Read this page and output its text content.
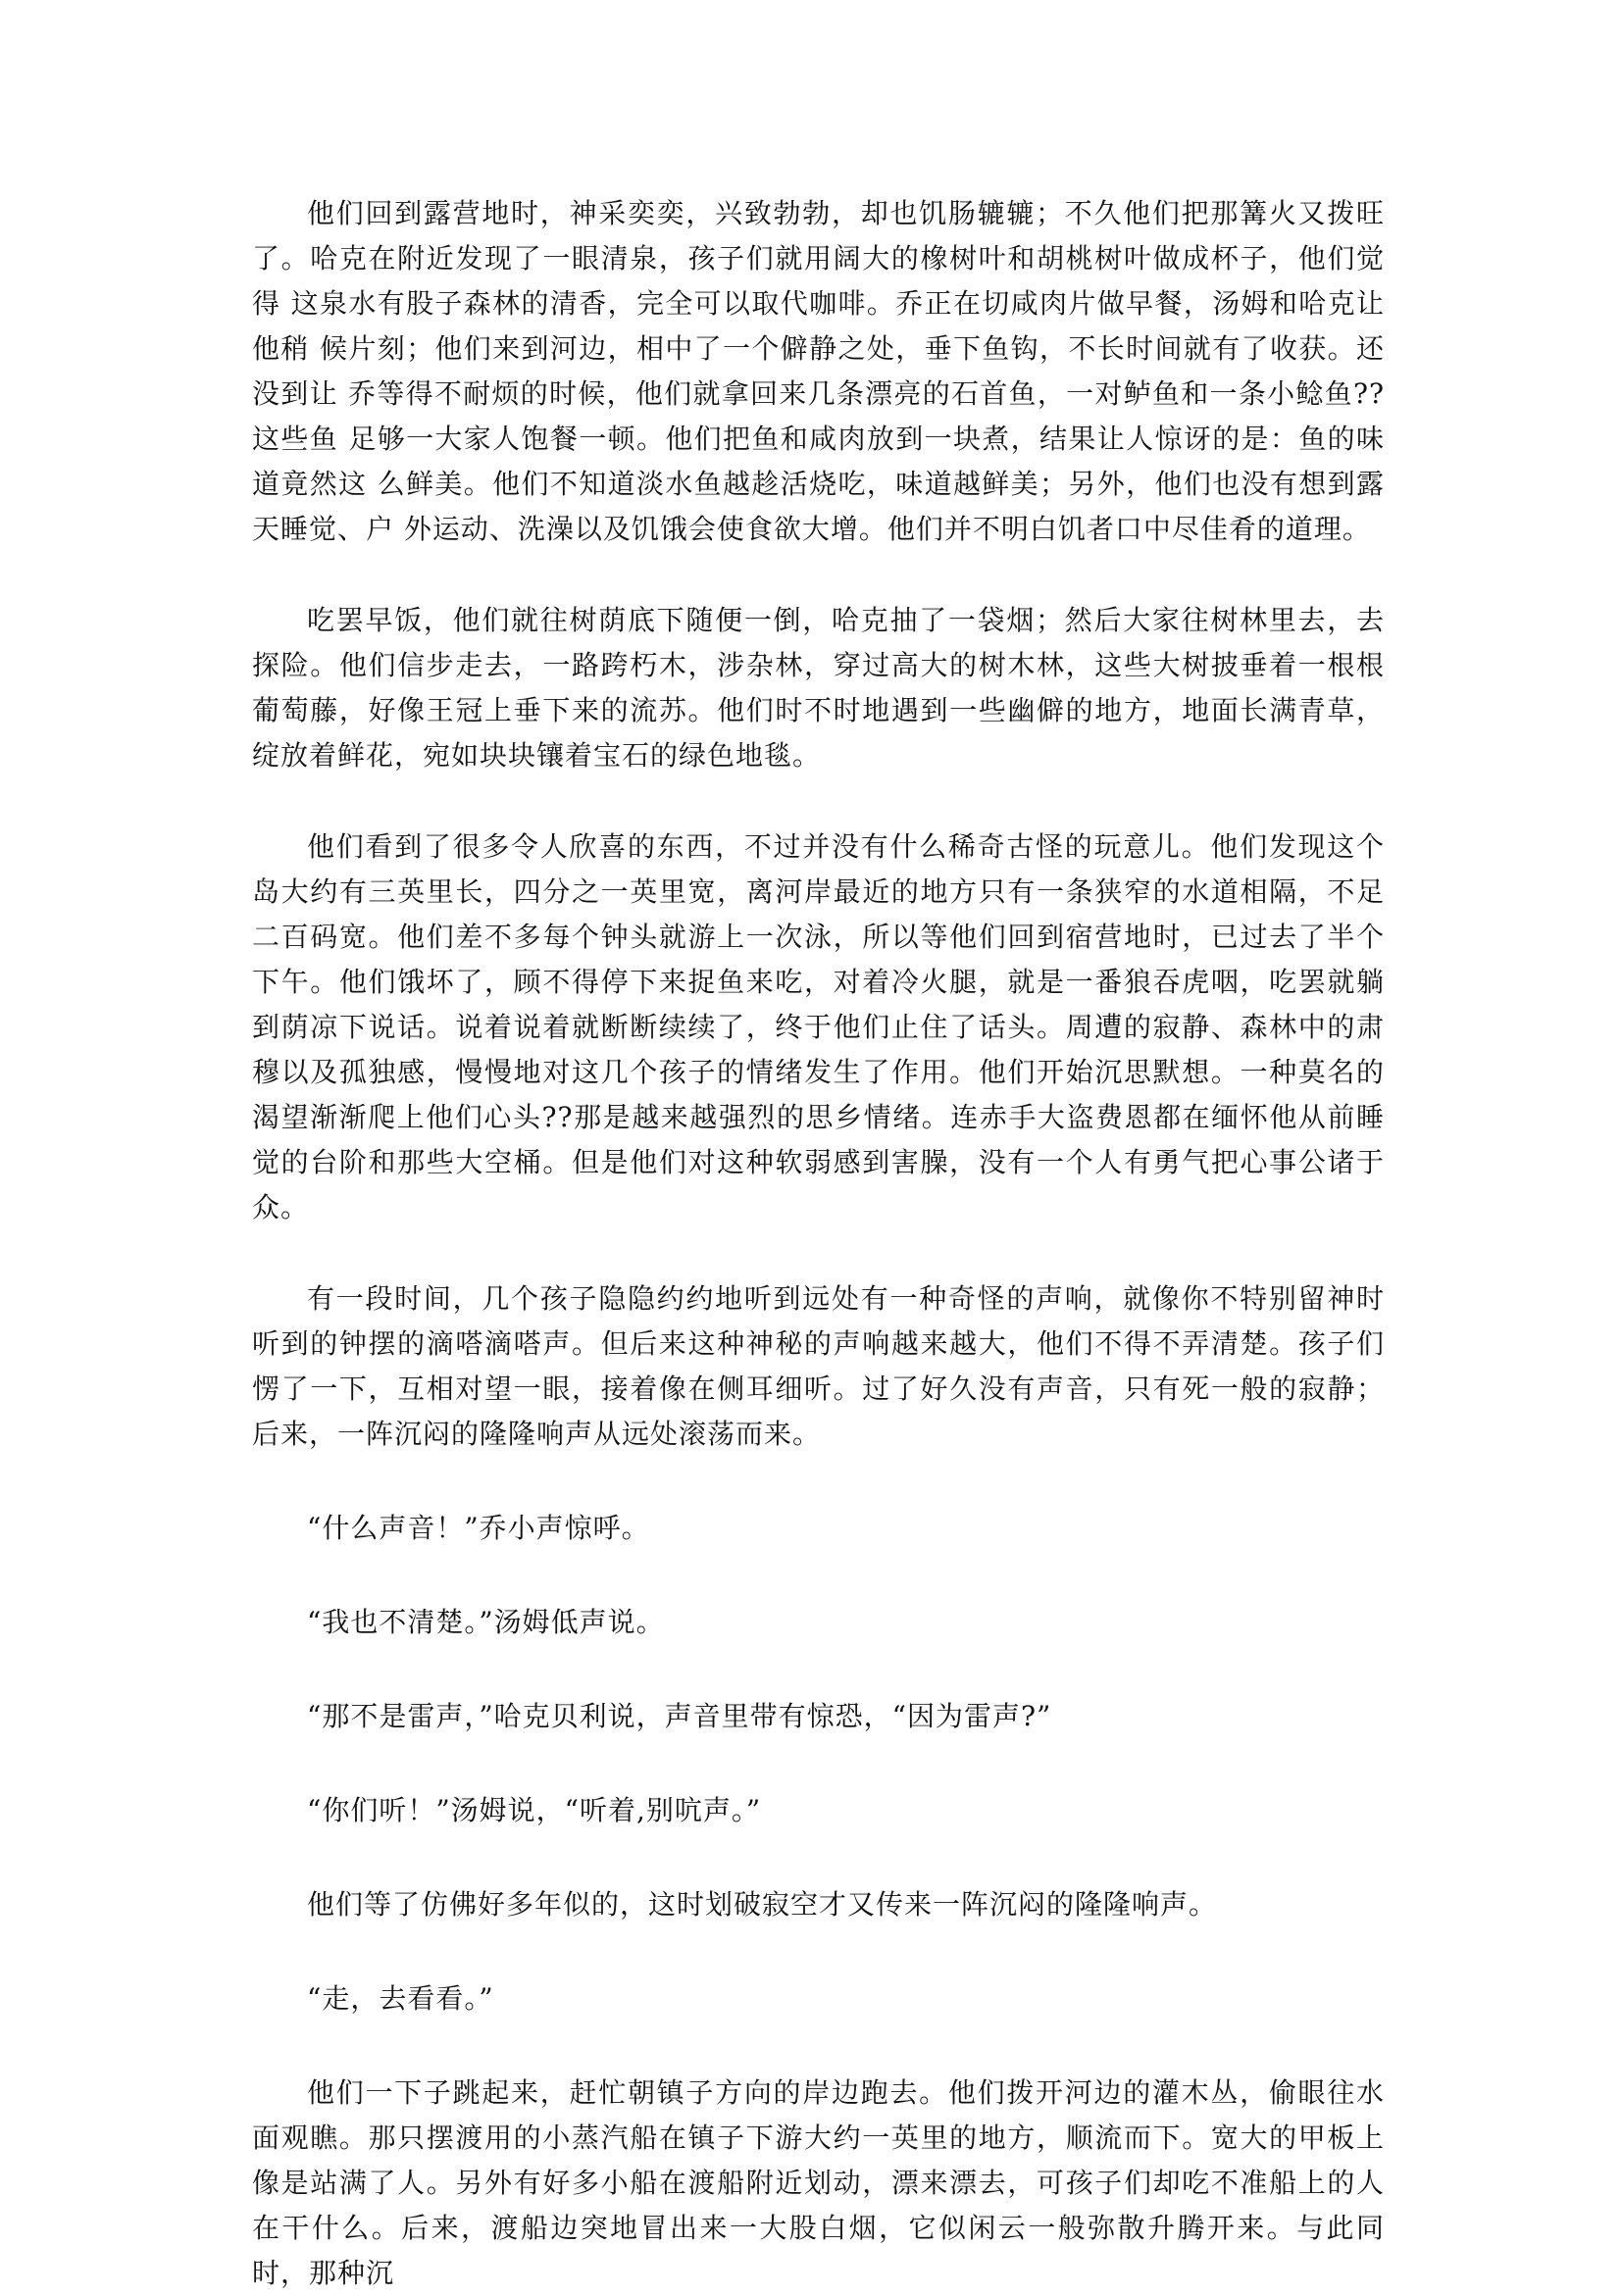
他们回到露营地时，神采奕奕，兴致勃勃，却也饥肠辘辘；不久他们把那篝火又拨旺 了。哈克在附近发现了一眼清泉，孩子们就用阔大的橡树叶和胡桃树叶做成杯子，他们觉得 这泉水有股子森林的清香，完全可以取代咖啡。乔正在切咸肉片做早餐，汤姆和哈克让他稍 候片刻；他们来到河边，相中了一个僻静之处，垂下鱼钩，不长时间就有了收获。还没到让 乔等得不耐烦的时候，他们就拿回来几条漂亮的石首鱼，一对鲈鱼和一条小鲶鱼??这些鱼 足够一大家人饱餐一顿。他们把鱼和咸肉放到一块煮，结果让人惊讶的是：鱼的味道竟然这 么鲜美。他们不知道淡水鱼越趁活烧吃，味道越鲜美；另外，他们也没有想到露天睡觉、户 外运动、洗澡以及饥饿会使食欲大增。他们并不明白饥者口中尽佳肴的道理。

吃罢早饭，他们就往树荫底下随便一倒，哈克抽了一袋烟；然后大家往树林里去，去探险。他们信步走去，一路跨朽木，涉杂林，穿过高大的树木林，这些大树披垂着一根根葡萄藤，好像王冠上垂下来的流苏。他们时不时地遇到一些幽僻的地方，地面长满青草，绽放着鲜花，宛如块块镶着宝石的绿色地毯。

他们看到了很多令人欣喜的东西，不过并没有什么稀奇古怪的玩意儿。他们发现这个岛大约有三英里长，四分之一英里宽，离河岸最近的地方只有一条狭窄的水道相隔，不足二百码宽。他们差不多每个钟头就游上一次泳，所以等他们回到宿营地时，已过去了半个下午。他们饿坏了，顾不得停下来捉鱼来吃，对着冷火腿，就是一番狼吞虎咽，吃罢就躺到荫凉下说话。说着说着就断断续续了，终于他们止住了话头。周遭的寂静、森林中的肃穆以及孤独感，慢慢地对这几个孩子的情绪发生了作用。他们开始沉思默想。一种莫名的渴望渐渐爬上他们心头??那是越来越强烈的思乡情绪。连赤手大盗费恩都在缅怀他从前睡觉的台阶和那些大空桶。但是他们对这种软弱感到害臊，没有一个人有勇气把心事公诸于众。

有一段时间，几个孩子隐隐约约地听到远处有一种奇怪的声响，就像你不特别留神时听到的钟摆的滴嗒滴嗒声。但后来这种神秘的声响越来越大，他们不得不弄清楚。孩子们愣了一下，互相对望一眼，接着像在侧耳细听。过了好久没有声音，只有死一般的寂静；后来，一阵沉闷的隆隆响声从远处滚荡而来。

“什么声音！”乔小声惊呼。

“我也不清楚。”汤姆低声说。

“那不是雷声，”哈克贝利说，声音里带有惊恐，“因为雷声?”

“你们听！”汤姆说，“听着,别吭声。”

他们等了仿佛好多年似的，这时划破寂空才又传来一阵沉闷的隆隆响声。

“走，去看看。”

他们一下子跳起来，赶忙朝镇子方向的岸边跑去。他们拨开河边的灌木丛，偷眼往水面观瞧。那只摆渡用的小蒸汽船在镇子下游大约一英里的地方，顺流而下。宽大的甲板上像是站满了人。另外有好多小船在渡船附近划动，漂来漂去，可孩子们却吃不准船上的人在干什么。后来，渡船边突地冒出来一大股白烟，它似闲云一般弥散升腾开来。与此同时，那种沉
